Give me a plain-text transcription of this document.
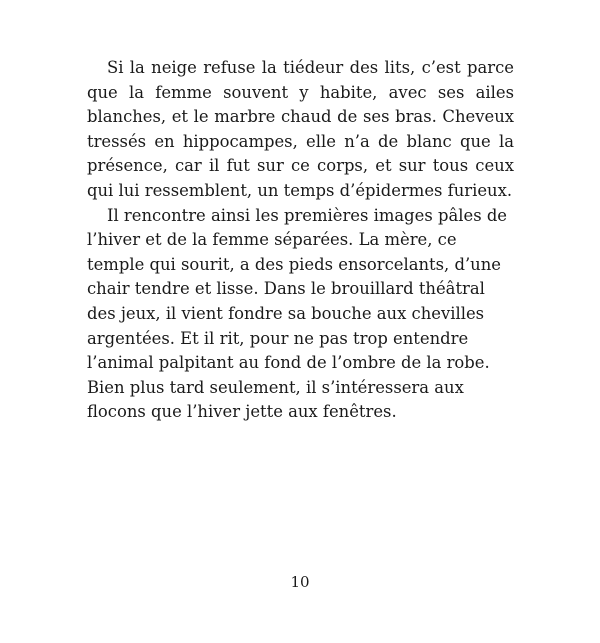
Si la neige refuse la tiédeur des lits, c’est parce que la femme souvent y habite, avec ses ailes blanches, et le marbre chaud de ses bras. Cheveux tressés en hippocampes, elle n’a de blanc que la présence, car il fut sur ce corps, et sur tous ceux qui lui ressemblent, un temps d’épidermes furieux.

Il rencontre ainsi les premières images pâles de l’hiver et de la femme séparées. La mère, ce temple qui sourit, a des pieds ensorcelants, d’une chair tendre et lisse. Dans le brouillard théâtral des jeux, il vient fondre sa bouche aux chevilles argentées. Et il rit, pour ne pas trop entendre l’animal palpitant au fond de l’ombre de la robe. Bien plus tard seulement, il s’intéressera aux flocons que l’hiver jette aux fenêtres.

10
